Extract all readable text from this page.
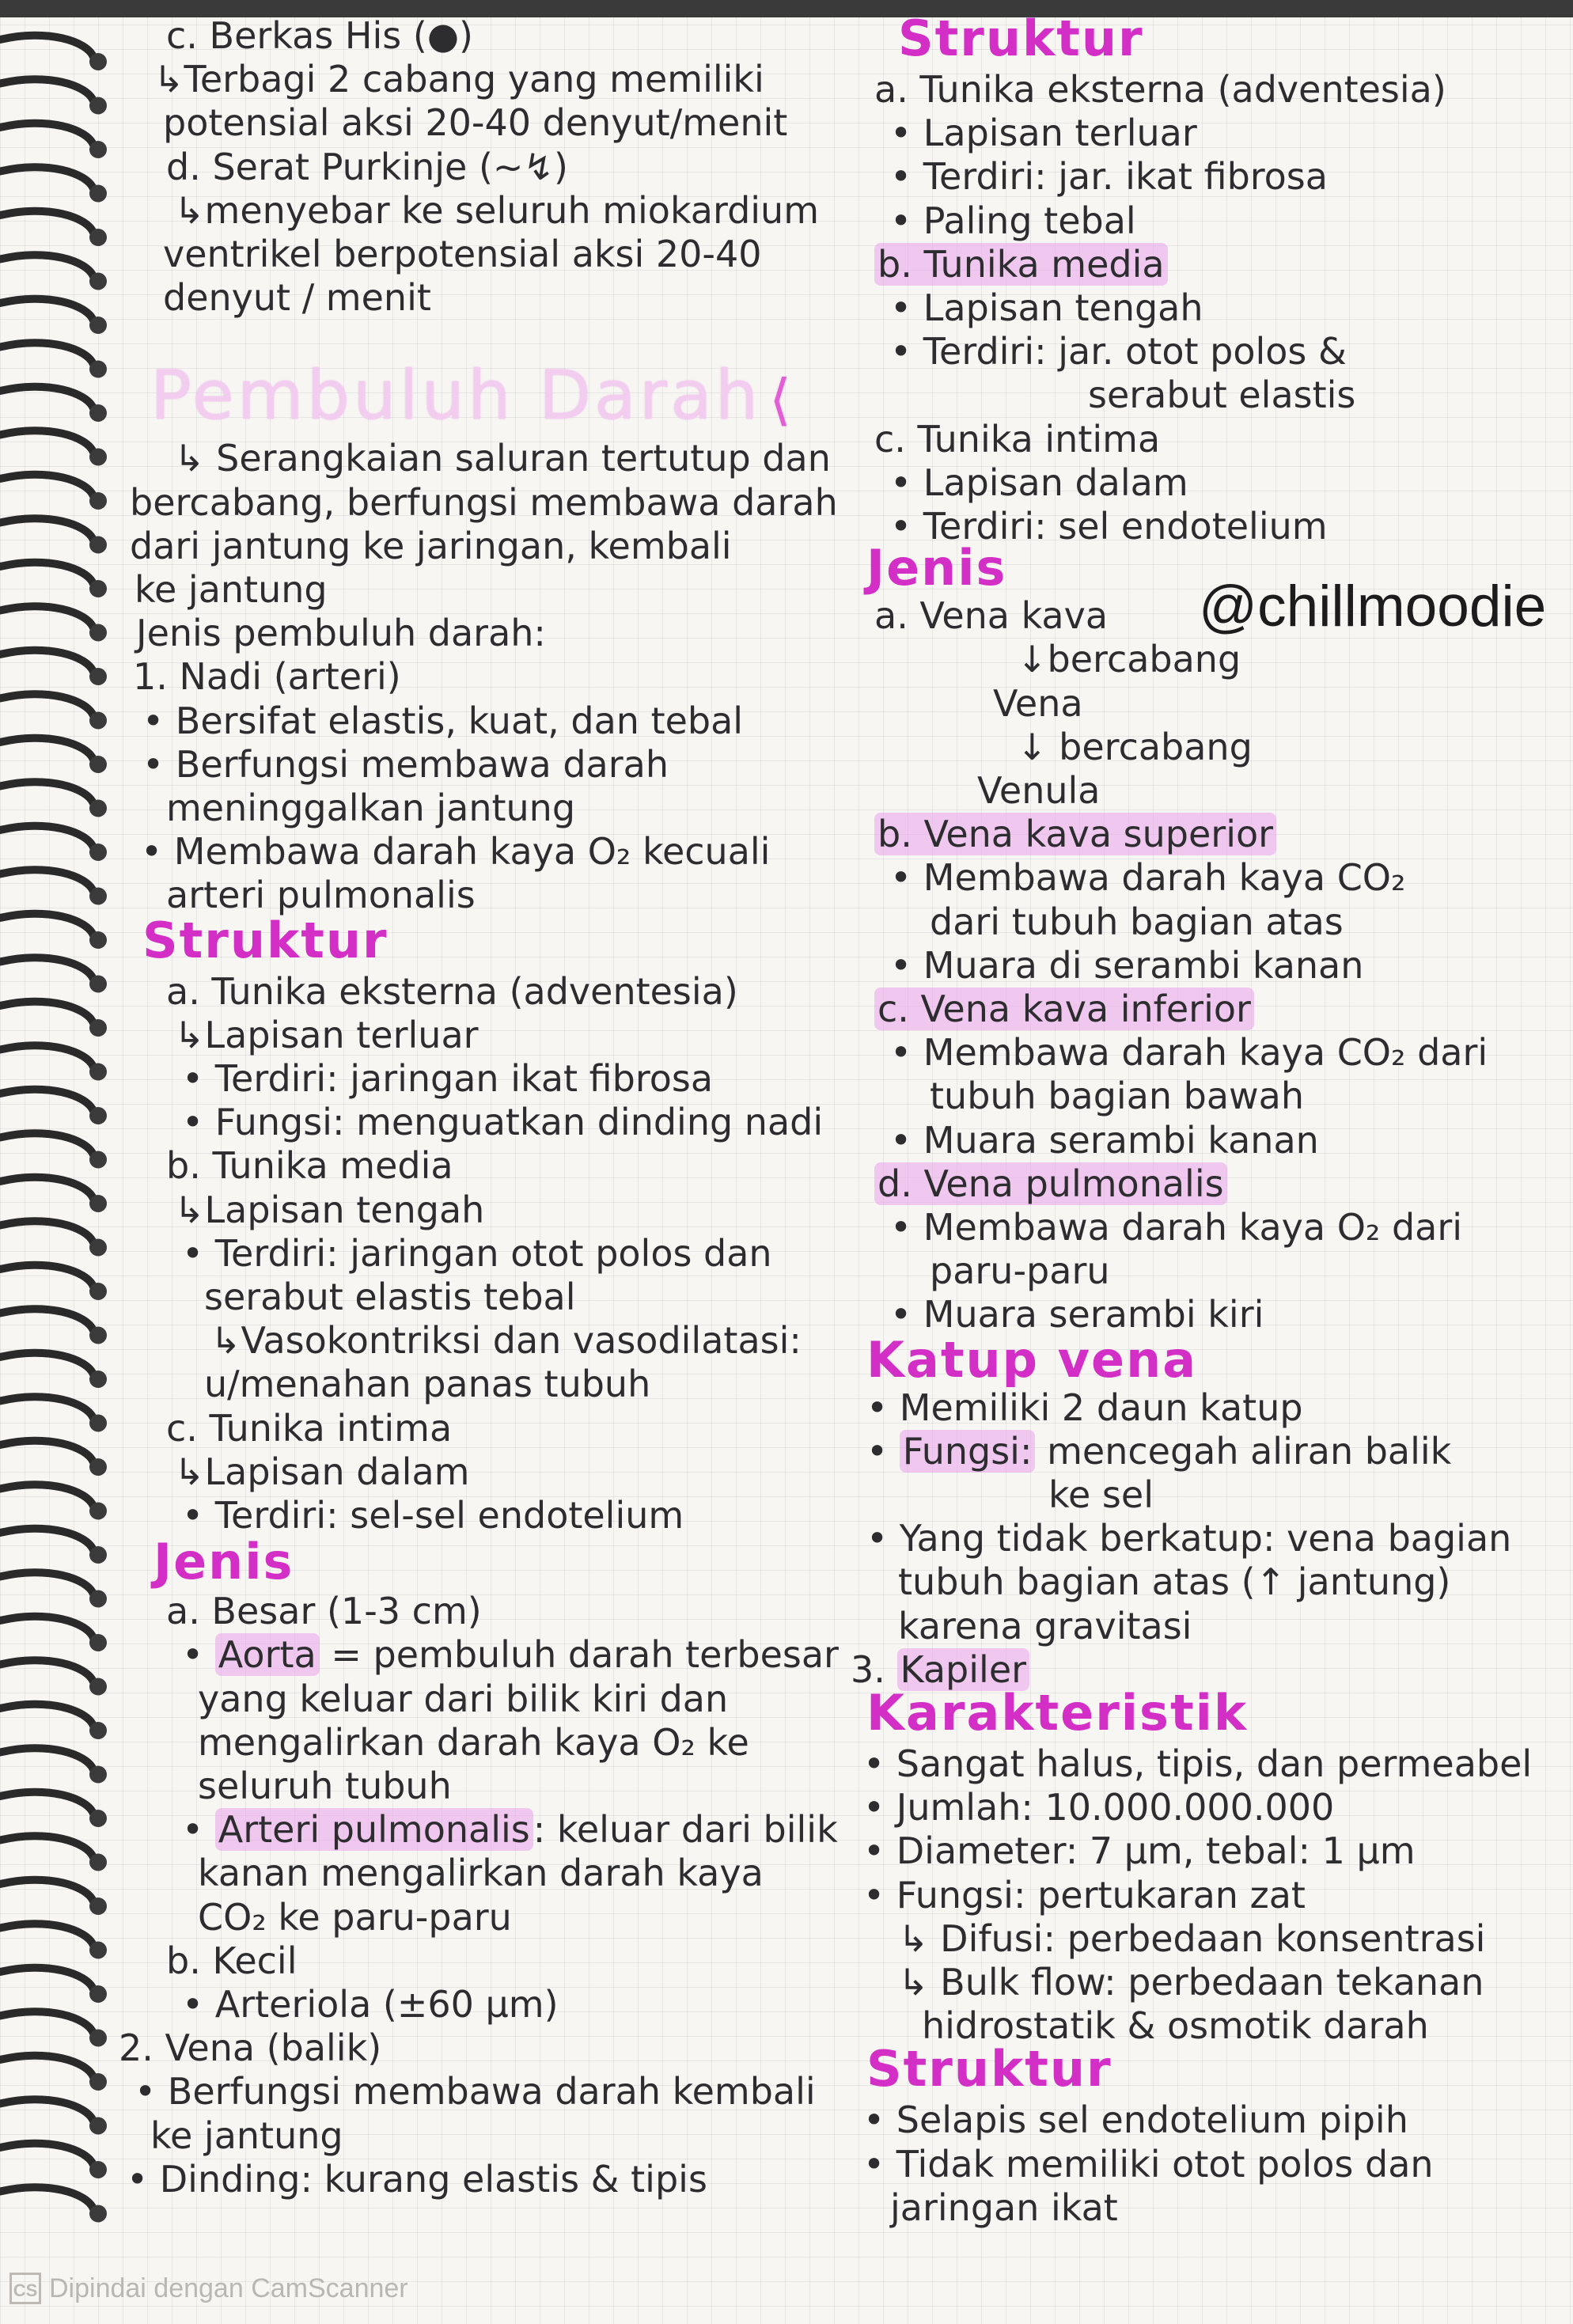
c. Berkas His (●)
↳Terbagi 2 cabang yang memiliki
potensial aksi 20-40 denyut/menit
d. Serat Purkinje (~↯)
↳menyebar ke seluruh miokardium
ventrikel berpotensial aksi 20-40
denyut / menit
Pembuluh Darah ⟨
↳ Serangkaian saluran tertutup dan
bercabang, berfungsi membawa darah
dari jantung ke jaringan, kembali
ke jantung
Jenis pembuluh darah:
1. Nadi (arteri)
• Bersifat elastis, kuat, dan tebal
• Berfungsi membawa darah
meninggalkan jantung
• Membawa darah kaya O₂ kecuali
arteri pulmonalis
Struktur
a. Tunika eksterna (adventesia)
↳Lapisan terluar
• Terdiri: jaringan ikat fibrosa
• Fungsi: menguatkan dinding nadi
b. Tunika media
↳Lapisan tengah
• Terdiri: jaringan otot polos dan
serabut elastis tebal
↳Vasokontriksi dan vasodilatasi:
u/menahan panas tubuh
c. Tunika intima
↳Lapisan dalam
• Terdiri: sel-sel endotelium
Jenis
a. Besar (1-3 cm)
• Aorta = pembuluh darah terbesar
yang keluar dari bilik kiri dan
mengalirkan darah kaya O₂ ke
seluruh tubuh
• Arteri pulmonalis: keluar dari bilik
kanan mengalirkan darah kaya
CO₂ ke paru-paru
b. Kecil
• Arteriola (±60 μm)
2. Vena (balik)
• Berfungsi membawa darah kembali
ke jantung
• Dinding: kurang elastis & tipis
Struktur
a. Tunika eksterna (adventesia)
• Lapisan terluar
• Terdiri: jar. ikat fibrosa
• Paling tebal
b. Tunika media
• Lapisan tengah
• Terdiri: jar. otot polos &
serabut elastis
c. Tunika intima
• Lapisan dalam
• Terdiri: sel endotelium
Jenis
a. Vena kava
↓bercabang
Vena
↓ bercabang
Venula
b. Vena kava superior
• Membawa darah kaya CO₂
dari tubuh bagian atas
• Muara di serambi kanan
c. Vena kava inferior
• Membawa darah kaya CO₂ dari
tubuh bagian bawah
• Muara serambi kanan
d. Vena pulmonalis
• Membawa darah kaya O₂ dari
paru-paru
• Muara serambi kiri
Katup vena
• Memiliki 2 daun katup
• Fungsi: mencegah aliran balik
ke sel
• Yang tidak berkatup: vena bagian
tubuh bagian atas (↑ jantung)
karena gravitasi
3. Kapiler
Karakteristik
• Sangat halus, tipis, dan permeabel
• Jumlah: 10.000.000.000
• Diameter: 7 μm, tebal: 1 μm
• Fungsi: pertukaran zat
↳ Difusi: perbedaan konsentrasi
↳ Bulk flow: perbedaan tekanan
hidrostatik & osmotik darah
Struktur
• Selapis sel endotelium pipih
• Tidak memiliki otot polos dan
jaringan ikat
@chillmoodie
CS Dipindai dengan CamScanner
